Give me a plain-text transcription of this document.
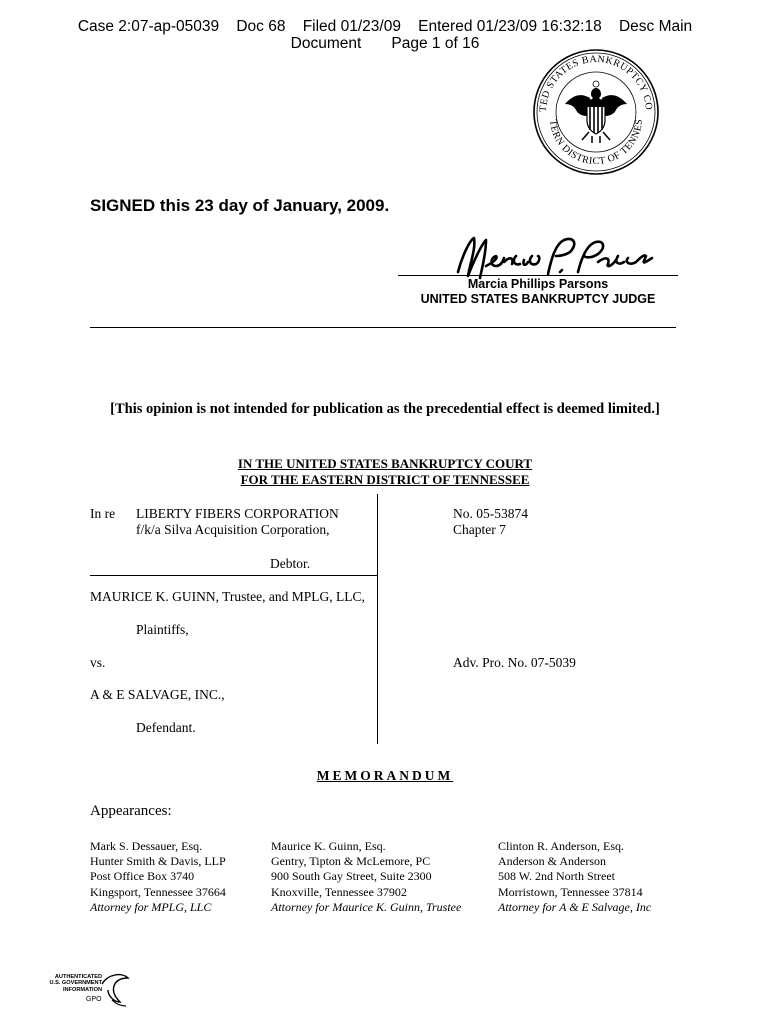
Case 2:07-ap-05039    Doc 68    Filed 01/23/09    Entered 01/23/09 16:32:18    Desc Main
Document       Page 1 of 16
TED STATES BANKRUPTCY CO
TERN DISTRICT OF TENNES
SIGNED this 23 day of January, 2009.
Marcia Phillips Parsons
UNITED STATES BANKRUPTCY JUDGE
[This opinion is not intended for publication as the precedential effect is deemed limited.]
IN THE UNITED STATES BANKRUPTCY COURT
FOR THE EASTERN DISTRICT OF TENNESSEE
In re LIBERTY FIBERS CORPORATION
f/k/a Silva Acquisition Corporation,
Debtor.
No. 05-53874
Chapter 7
MAURICE K. GUINN, Trustee, and MPLG, LLC,
Plaintiffs,
vs.	Adv. Pro. No. 07-5039
A & E SALVAGE, INC.,
Defendant.
MEMORANDUM
Appearances:
Mark S. Dessauer, Esq.
Hunter Smith & Davis, LLP
Post Office Box 3740
Kingsport, Tennessee 37664
Attorney for MPLG, LLC
Maurice K. Guinn, Esq.
Gentry, Tipton & McLemore, PC
900 South Gay Street, Suite 2300
Knoxville, Tennessee 37902
Attorney for Maurice K. Guinn, Trustee
Clinton R. Anderson, Esq.
Anderson & Anderson
508 W. 2nd North Street
Morristown, Tennessee 37814
Attorney for A & E Salvage, Inc
AUTHENTICATED
U.S. GOVERNMENT
INFORMATION
GPO
